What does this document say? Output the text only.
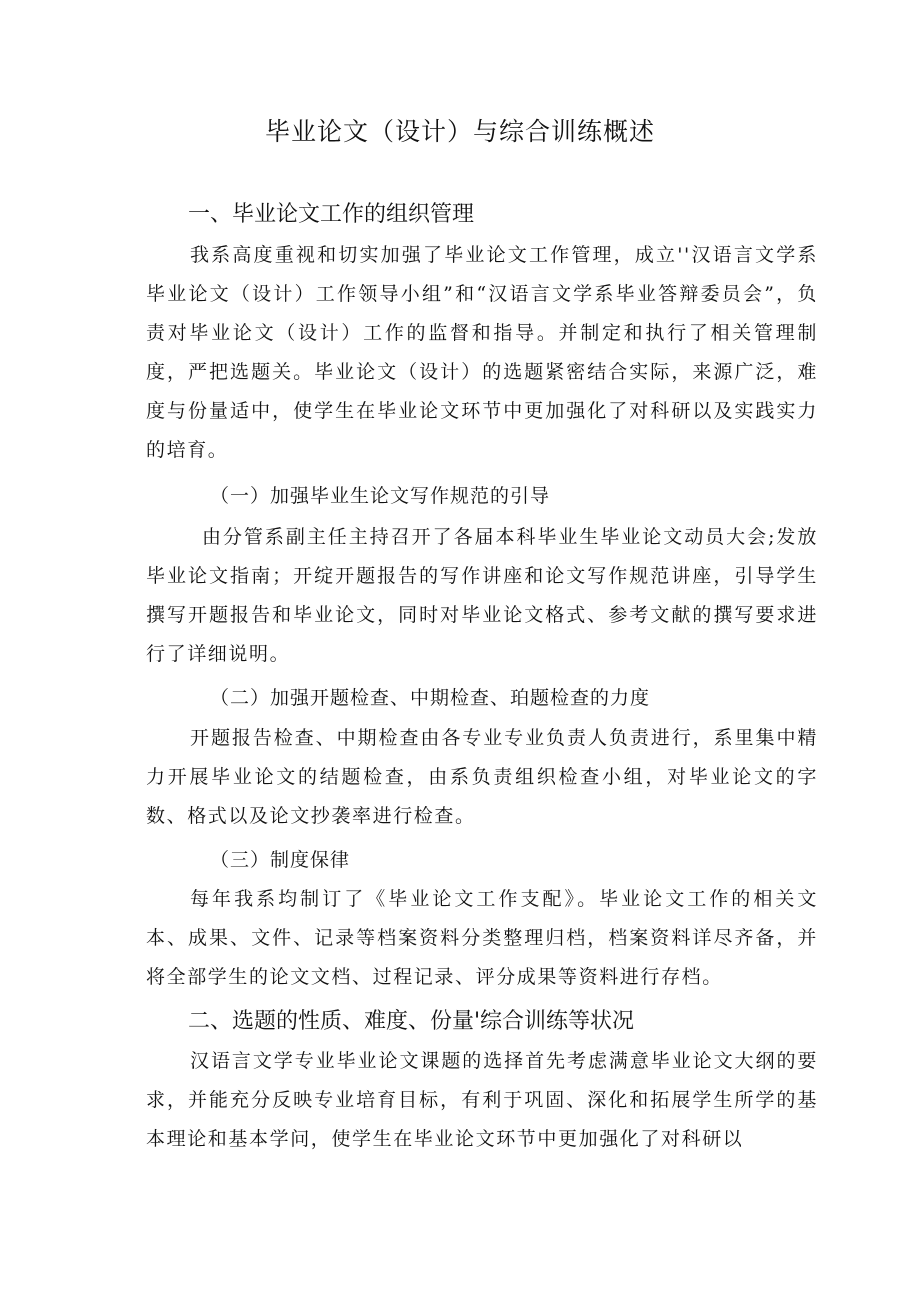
毕业论文（设计）与综合训练概述
一、毕业论文工作的组织管理

我系高度重视和切实加强了毕业论文工作管理，成立''汉语言文学系毕业论文（设计）工作领导小组”和“汉语言文学系毕业答辩委员会”，负责对毕业论文（设计）工作的监督和指导。并制定和执行了相关管理制度，严把选题关。毕业论文（设计）的选题紧密结合实际，来源广泛，难度与份量适中，使学生在毕业论文环节中更加强化了对科研以及实践实力的培育。

（一）加强毕业生论文写作规范的引导

由分管系副主任主持召开了各届本科毕业生毕业论文动员大会;发放毕业论文指南；开绽开题报告的写作讲座和论文写作规范讲座，引导学生撰写开题报告和毕业论文，同时对毕业论文格式、参考文献的撰写要求进行了详细说明。

（二）加强开题检查、中期检查、珀题检查的力度

开题报告检查、中期检查由各专业专业负责人负责进行，系里集中精力开展毕业论文的结题检查，由系负责组织检查小组，对毕业论文的字数、格式以及论文抄袭率进行检查。

（三）制度保律

每年我系均制订了《毕业论文工作支配》。毕业论文工作的相关文本、成果、文件、记录等档案资料分类整理归档，档案资料详尽齐备，并将全部学生的论文文档、过程记录、评分成果等资料进行存档。

二、选题的性质、难度、份量'综合训练等状况

汉语言文学专业毕业论文课题的选择首先考虑满意毕业论文大纲的要求，并能充分反映专业培育目标，有利于巩固、深化和拓展学生所学的基本理论和基本学问，使学生在毕业论文环节中更加强化了对科研以
